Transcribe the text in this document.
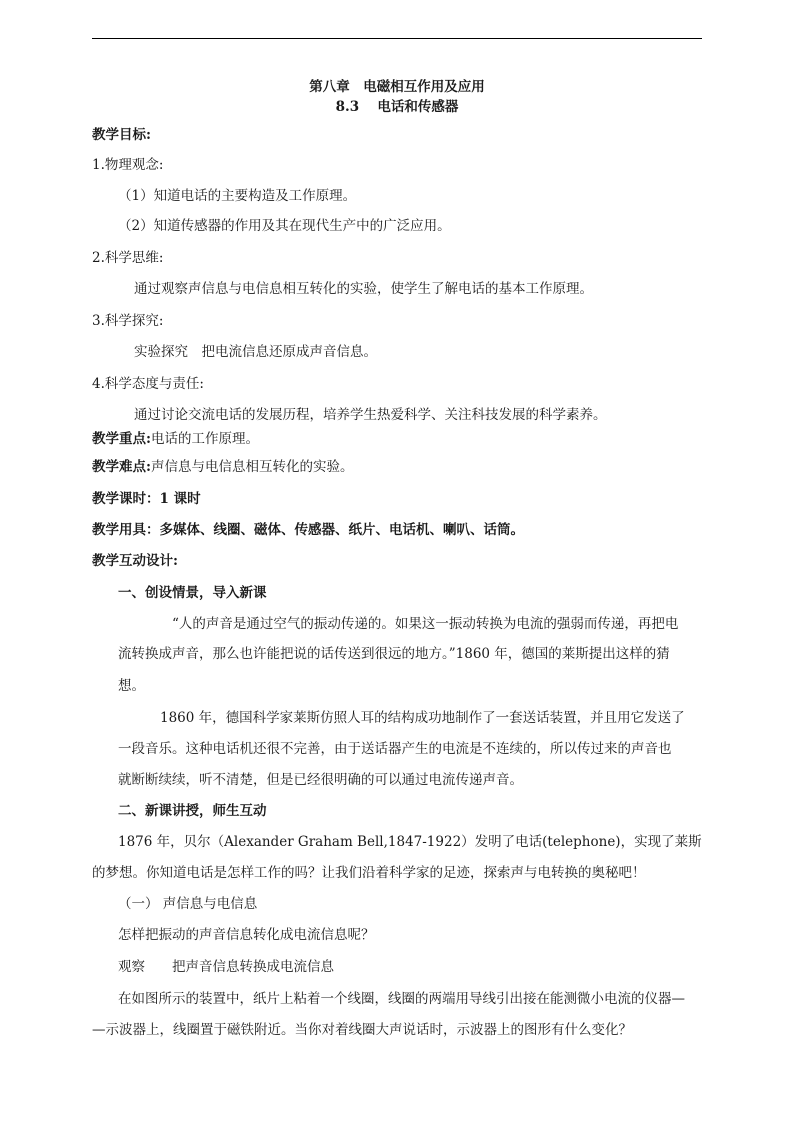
第八章　电磁相互作用及应用
8.3　 电话和传感器
教学目标:
1.物理观念:
（1）知道电话的主要构造及工作原理。
（2）知道传感器的作用及其在现代生产中的广泛应用。
2.科学思维:
通过观察声信息与电信息相互转化的实验，使学生了解电话的基本工作原理。
3.科学探究:
实验探究　把电流信息还原成声音信息。
4.科学态度与责任:
通过讨论交流电话的发展历程，培养学生热爱科学、关注科技发展的科学素养。
教学重点:电话的工作原理。
教学难点:声信息与电信息相互转化的实验。
教学课时：1 课时
教学用具：多媒体、线圈、磁体、传感器、纸片、电话机、喇叭、话筒。
教学互动设计:
一、创设情景，导入新课
“人的声音是通过空气的振动传递的。如果这一振动转换为电流的强弱而传递，再把电
流转换成声音，那么也许能把说的话传送到很远的地方。”1860 年，德国的莱斯提出这样的猜
想。
1860 年，德国科学家莱斯仿照人耳的结构成功地制作了一套送话装置，并且用它发送了
一段音乐。这种电话机还很不完善，由于送话器产生的电流是不连续的，所以传过来的声音也
就断断续续，听不清楚，但是已经很明确的可以通过电流传递声音。
二、新课讲授，师生互动
1876 年，贝尔（Alexander Graham Bell,1847-1922）发明了电话(telephone)，实现了莱斯
的梦想。你知道电话是怎样工作的吗？让我们沿着科学家的足迹，探索声与电转换的奥秘吧！
（一） 声信息与电信息
怎样把振动的声音信息转化成电流信息呢？
观察　　把声音信息转换成电流信息
在如图所示的装置中，纸片上粘着一个线圈，线圈的两端用导线引出接在能测微小电流的仪器—
—示波器上，线圈置于磁铁附近。当你对着线圈大声说话时，示波器上的图形有什么变化？
